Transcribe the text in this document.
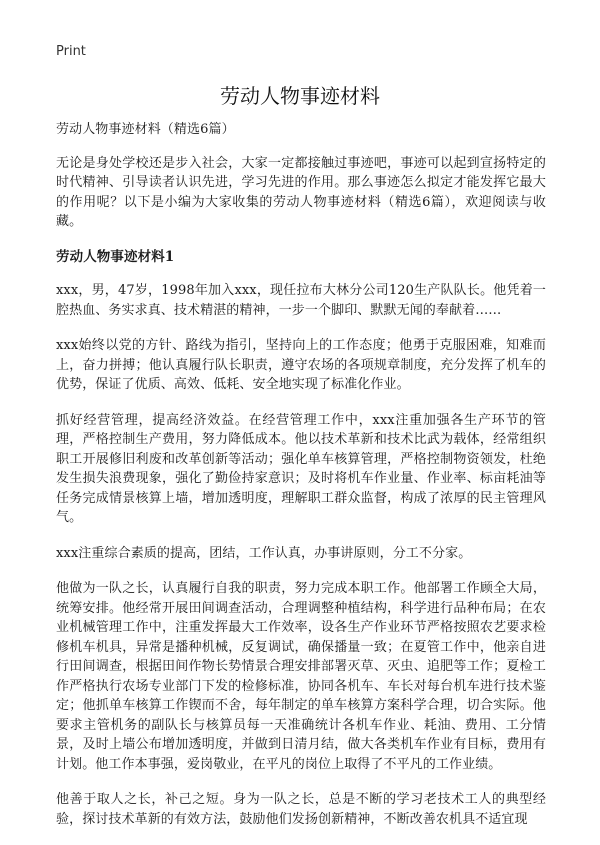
Print
劳动人物事迹材料

劳动人物事迹材料（精选6篇）

无论是身处学校还是步入社会，大家一定都接触过事迹吧，事迹可以起到宣扬特定的时代精神、引导读者认识先进，学习先进的作用。那么事迹怎么拟定才能发挥它最大的作用呢？以下是小编为大家收集的劳动人物事迹材料（精选6篇），欢迎阅读与收藏。

劳动人物事迹材料1

xxx，男，47岁，1998年加入xxx，现任拉布大林分公司120生产队队长。他凭着一腔热血、务实求真、技术精湛的精神，一步一个脚印、默默无闻的奉献着……

xxx始终以党的方针、路线为指引，坚持向上的工作态度；他勇于克服困难，知难而上，奋力拼搏；他认真履行队长职责，遵守农场的各项规章制度，充分发挥了机车的优势，保证了优质、高效、低耗、安全地实现了标准化作业。

抓好经营管理，提高经济效益。在经营管理工作中，xxx注重加强各生产环节的管理，严格控制生产费用，努力降低成本。他以技术革新和技术比武为载体，经常组织职工开展修旧利废和改革创新等活动；强化单车核算管理，严格控制物资领发，杜绝发生损失浪费现象，强化了勤俭持家意识；及时将机车作业量、作业率、标亩耗油等任务完成情景核算上墙，增加透明度，理解职工群众监督，构成了浓厚的民主管理风气。

xxx注重综合素质的提高，团结，工作认真，办事讲原则，分工不分家。

他做为一队之长，认真履行自我的职责，努力完成本职工作。他部署工作顾全大局，统筹安排。他经常开展田间调查活动，合理调整种植结构，科学进行品种布局；在农业机械管理工作中，注重发挥最大工作效率，设各生产作业环节严格按照农艺要求检修机车机具，异常是播种机械，反复调试，确保播量一致；在夏管工作中，他亲自进行田间调查，根据田间作物长势情景合理安排部署灭草、灭虫、追肥等工作；夏检工作严格执行农场专业部门下发的检修标准，协同各机车、车长对每台机车进行技术鉴定；他抓单车核算工作锲而不舍，每年制定的单车核算方案科学合理，切合实际。他要求主管机务的副队长与核算员每一天准确统计各机车作业、耗油、费用、工分情景，及时上墙公布增加透明度，并做到日清月结，做大各类机车作业有目标，费用有计划。他工作本事强，爱岗敬业，在平凡的岗位上取得了不平凡的工作业绩。

他善于取人之长，补己之短。身为一队之长，总是不断的学习老技术工人的典型经验，探讨技术革新的有效方法，鼓励他们发扬创新精神，不断改善农机具不适宜现
